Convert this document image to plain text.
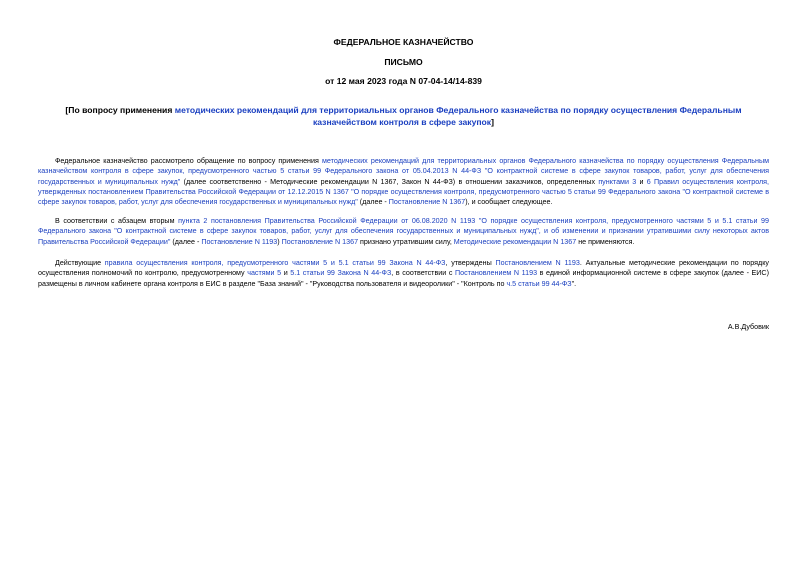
ФЕДЕРАЛЬНОЕ КАЗНАЧЕЙСТВО
ПИСЬМО
от 12 мая 2023 года N 07-04-14/14-839
[По вопросу применения методических рекомендаций для территориальных органов Федерального казначейства по порядку осуществления Федеральным казначейством контроля в сфере закупок]

Федеральное казначейство рассмотрело обращение по вопросу применения методических рекомендаций для территориальных органов Федерального казначейства по порядку осуществления Федеральным казначейством контроля в сфере закупок, предусмотренного частью 5 статьи 99 Федерального закона от 05.04.2013 N 44-ФЗ "О контрактной системе в сфере закупок товаров, работ, услуг для обеспечения государственных и муниципальных нужд" (далее соответственно - Методические рекомендации N 1367, Закон N 44-ФЗ) в отношении заказчиков, определенных пунктами 3 и 6 Правил осуществления контроля, утвержденных постановлением Правительства Российской Федерации от 12.12.2015 N 1367 "О порядке осуществления контроля, предусмотренного частью 5 статьи 99 Федерального закона "О контрактной системе в сфере закупок товаров, работ, услуг для обеспечения государственных и муниципальных нужд" (далее - Постановление N 1367), и сообщает следующее.

В соответствии с абзацем вторым пункта 2 постановления Правительства Российской Федерации от 06.08.2020 N 1193 "О порядке осуществления контроля, предусмотренного частями 5 и 5.1 статьи 99 Федерального закона "О контрактной системе в сфере закупок товаров, работ, услуг для обеспечения государственных и муниципальных нужд", и об изменении и признании утратившими силу некоторых актов Правительства Российской Федерации" (далее - Постановление N 1193) Постановление N 1367 признано утратившим силу, Методические рекомендации N 1367 не применяются.

Действующие правила осуществления контроля, предусмотренного частями 5 и 5.1 статьи 99 Закона N 44-ФЗ, утверждены Постановлением N 1193. Актуальные методические рекомендации по порядку осуществления полномочий по контролю, предусмотренному частями 5 и 5.1 статьи 99 Закона N 44-ФЗ, в соответствии с Постановлением N 1193 в единой информационной системе в сфере закупок (далее - ЕИС) размещены в личном кабинете органа контроля в ЕИС в разделе "База знаний" - "Руководства пользователя и видеоролики" - "Контроль по ч.5 статьи 99 44-ФЗ".

А.В.Дубовик
